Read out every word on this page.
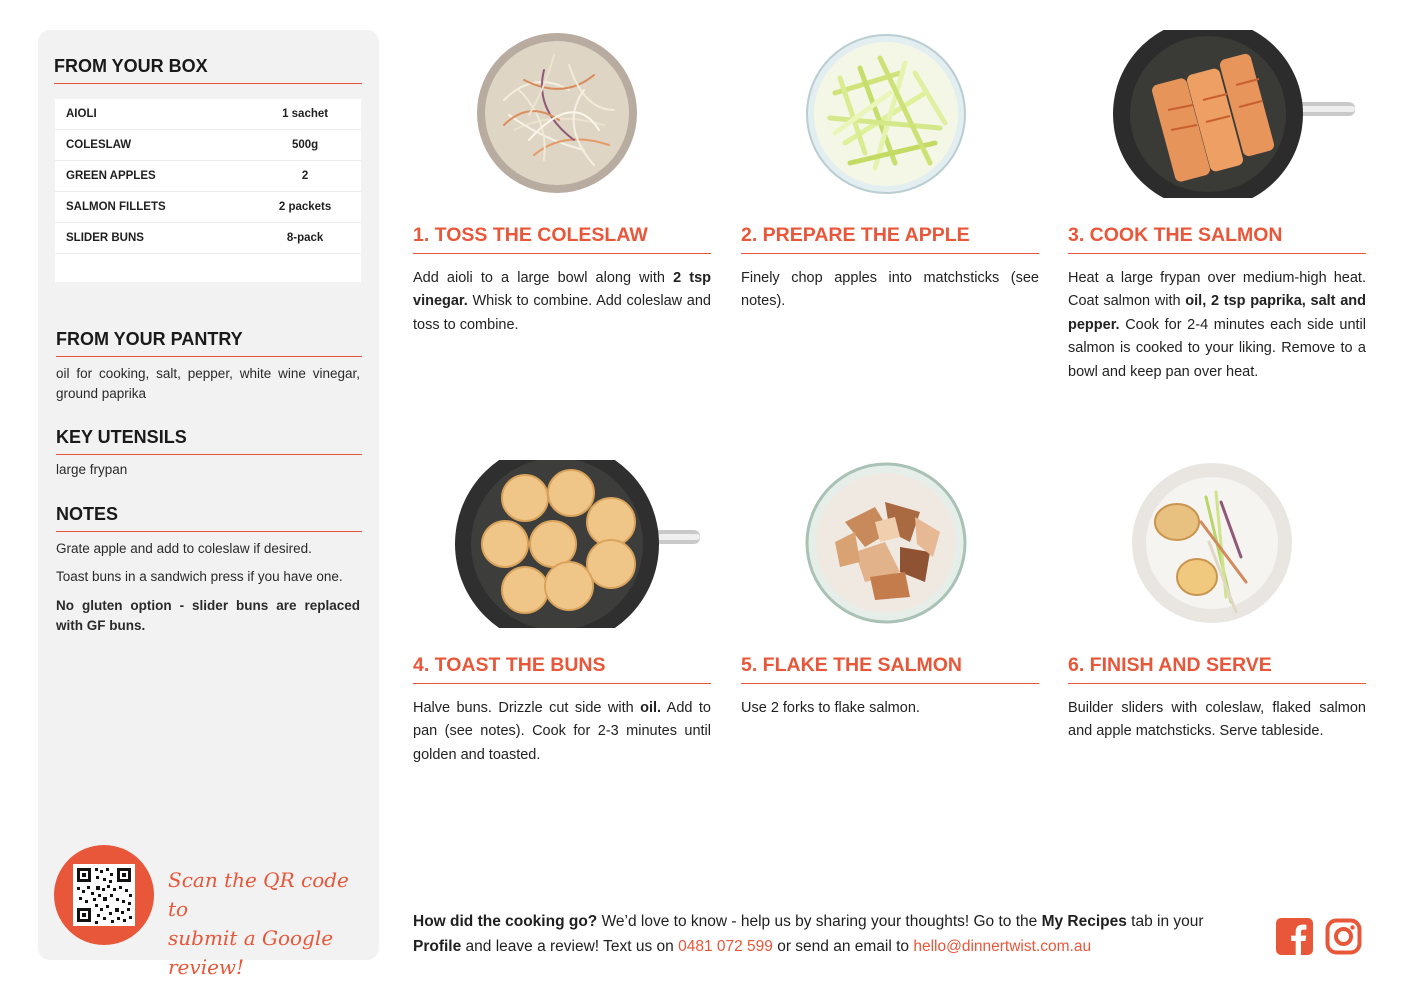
FROM YOUR BOX
AIOLI	1 sachet
COLESLAW	500g
GREEN APPLES	2
SALMON FILLETS	2 packets
SLIDER BUNS	8-pack
FROM YOUR PANTRY
oil for cooking, salt, pepper, white wine vinegar, ground paprika
KEY UTENSILS
large frypan
NOTES
Grate apple and add to coleslaw if desired.
Toast buns in a sandwich press if you have one.
No gluten option - slider buns are replaced with GF buns.
Scan the QR code to
submit a Google review!
1. TOSS THE COLESLAW
Add aioli to a large bowl along with 2 tsp vinegar. Whisk to combine. Add coleslaw and toss to combine.
2. PREPARE THE APPLE
Finely chop apples into matchsticks (see notes).
3. COOK THE SALMON
Heat a large frypan over medium-high heat. Coat salmon with oil, 2 tsp paprika, salt and pepper. Cook for 2-4 minutes each side until salmon is cooked to your liking. Remove to a bowl and keep pan over heat.
4. TOAST THE BUNS
Halve buns. Drizzle cut side with oil. Add to pan (see notes). Cook for 2-3 minutes until golden and toasted.
5. FLAKE THE SALMON
Use 2 forks to flake salmon.
6. FINISH AND SERVE
Builder sliders with coleslaw, flaked salmon and apple matchsticks. Serve tableside.
How did the cooking go? We’d love to know - help us by sharing your thoughts! Go to the My Recipes tab in your Profile and leave a review! Text us on 0481 072 599 or send an email to hello@dinnertwist.com.au
